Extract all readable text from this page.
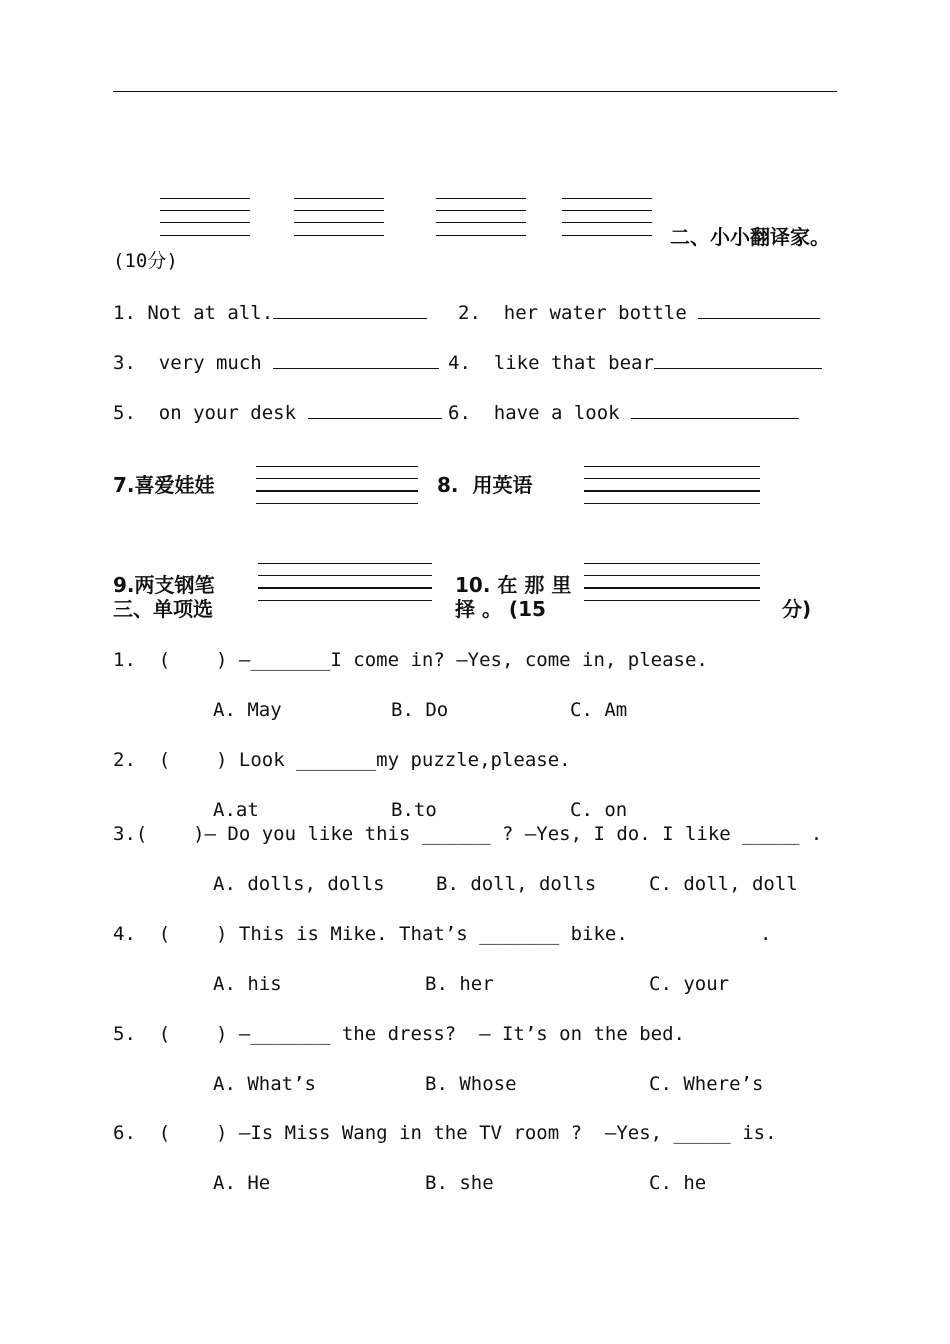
二、小小翻译家。
(10分)
1. Not at all.	2. her water bottle
3. very much	4. like that bear
5. on your desk	6. have a look
7.喜爱娃娃	8. 用英语
9.两支钢笔	10. 在 那 里
三、单项选	择 。 (15	分)
1. (    ) —_______I come in? —Yes, come in, please.
A. May	B. Do	C. Am
2. (    ) Look _______my puzzle,please.
A.at	B.to	C. on
3.(    )— Do you like this ______ ? —Yes, I do. I like _____ .
A. dolls, dolls	B. doll, dolls	C. doll, doll
4. (    ) This is Mike. That’s _______ bike.	.
A. his	B. her	C. your
5. (    ) —_______ the dress?  — It’s on the bed.
A. What’s	B. Whose	C. Where’s
6. (    ) —Is Miss Wang in the TV room ?  —Yes, _____ is.
A. He	B. she	C. he
